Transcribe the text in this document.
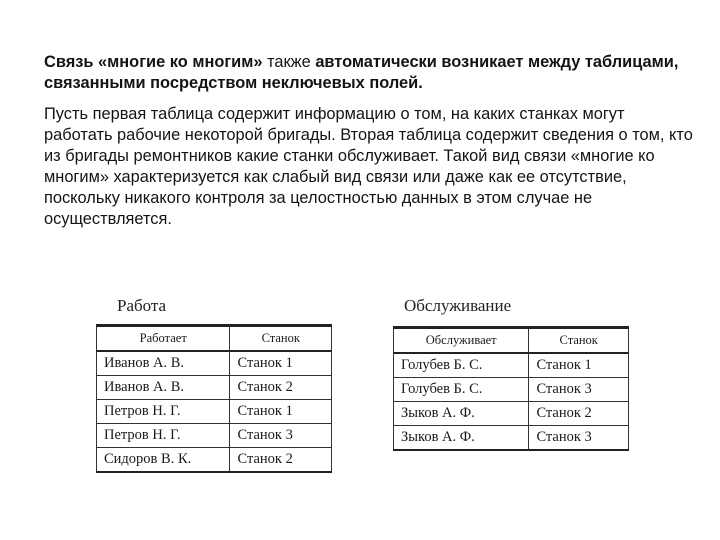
Связь «многие ко многим» также автоматически возникает между таблицами, связанными посредством неключевых полей.
Пусть первая таблица содержит информацию о том, на каких станках могут работать рабочие некоторой бригады. Вторая таблица содержит сведения о том, кто из бригады ремонтников какие станки обслуживает. Такой вид связи «многие ко многим» характеризуется как слабый вид связи или даже как ее отсутствие, поскольку никакого контроля за целостностью данных в этом случае не осуществляется.
Работа
Работает	Станок
Иванов А. В.	Станок 1
Иванов А. В.	Станок 2
Петров Н. Г.	Станок 1
Петров Н. Г.	Станок 3
Сидоров В. К.	Станок 2
Обслуживание
Обслуживает	Станок
Голубев Б. С.	Станок 1
Голубев Б. С.	Станок 3
Зыков А. Ф.	Станок 2
Зыков А. Ф.	Станок 3
